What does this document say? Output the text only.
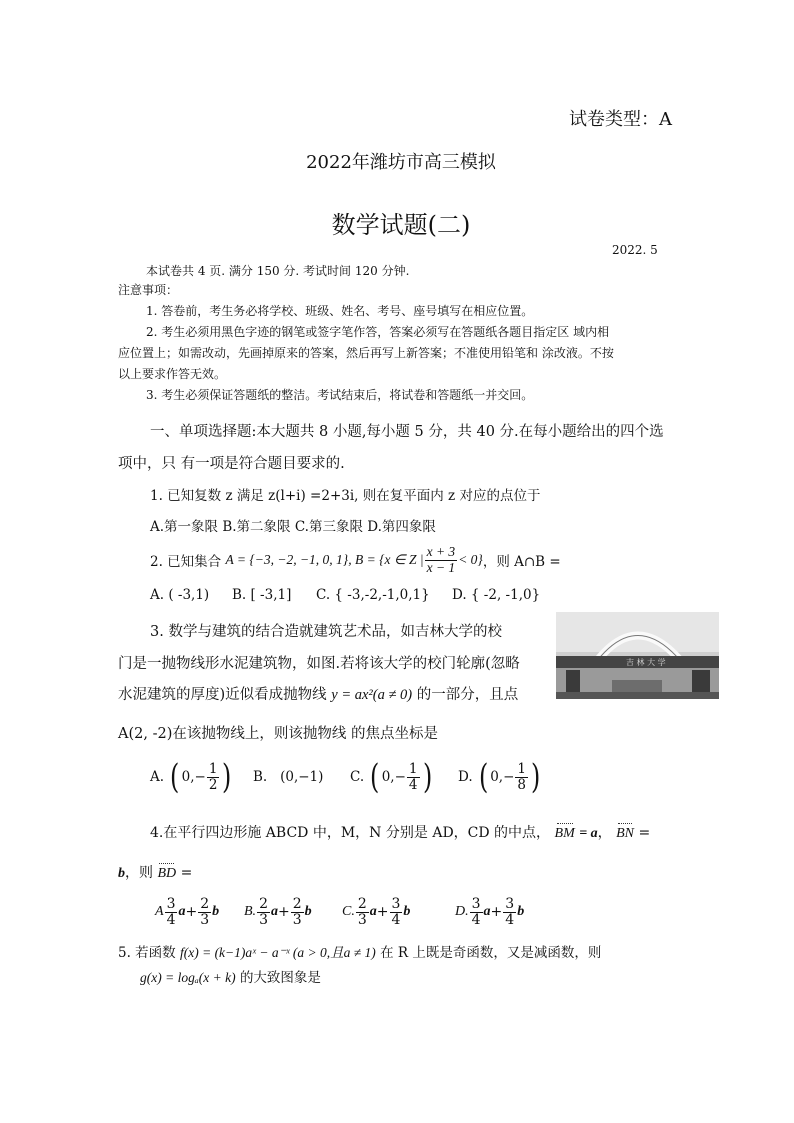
试卷类型：A
2022年潍坊市高三模拟
数学试题(二)
2022. 5
本试卷共 4 页. 满分 150 分. 考试时间 120 分钟.
注意事项：
1. 答卷前，考生务必将学校、班级、姓名、考号、座号填写在相应位置。
2. 考生必须用黑色字迹的钢笔或签字笔作答，答案必须写在答题纸各题目指定区 域内相
应位置上；如需改动，先画掉原来的答案，然后再写上新答案；不准使用铅笔和 涂改液。不按
以上要求作答无效。
3. 考生必须保证答题纸的整洁。考试结束后，将试卷和答题纸一并交回。
一、单项选择题:本大题共 8 小题,每小题 5 分，共 40 分.在每小题给出的四个选
项中，只 有一项是符合题目要求的.
1. 已知复数 z 满足 z(l+i) =2+3i, 则在复平面内 z 对应的点位于
A.第一象限 B.第二象限 C.第三象限 D.第四象限
2. 已知集合
A = {−3, −2, −1, 0, 1} , B = {x ∈ Z | $\frac{x + 3}{x - 1} < 0$} ，则 A∩B =
A. ( -3,1) B. [ -3,1] C. { -3,-2,-1,0,1} D. { -2, -1,0}
吉 林 大 学
3. 数学与建筑的结合造就建筑艺术品，如吉林大学的校
门是一抛物线形水泥建筑物，如图.若将该大学的校门轮廓(忽略
水泥建筑的厚度)近似看成抛物线 y = ax²(a ≠ 0) 的一部分，且点
A(2, -2)在该抛物线上，则该抛物线 的焦点坐标是
A.
( 0, − $\frac{1}{2}$ ) B.
(0,−1) C.
( 0, − $\frac{1}{4}$ ) D.
( 0, − $\frac{1}{8}$ )
4.在平行四边形施 ABCD 中，M，N 分别是 AD，CD 的中点， BM = a， BN =
b，则 BD =
A $\frac{3}{4}$ $a + \frac{2}{3}$ b B. $\frac{2}{3}$ $a + \frac{2}{3}$ b C. $\frac{2}{3}$ $a + \frac{3}{4}$ b	D. $\frac{3}{4}$ $a + \frac{3}{4}$ b
5. 若函数 f(x) = (k−1)aˣ − a⁻ˣ (a > 0,且a ≠ 1) 在 R 上既是奇函数，又是减函数，则
g(x) = logₐ(x + k) 的大致图象是
